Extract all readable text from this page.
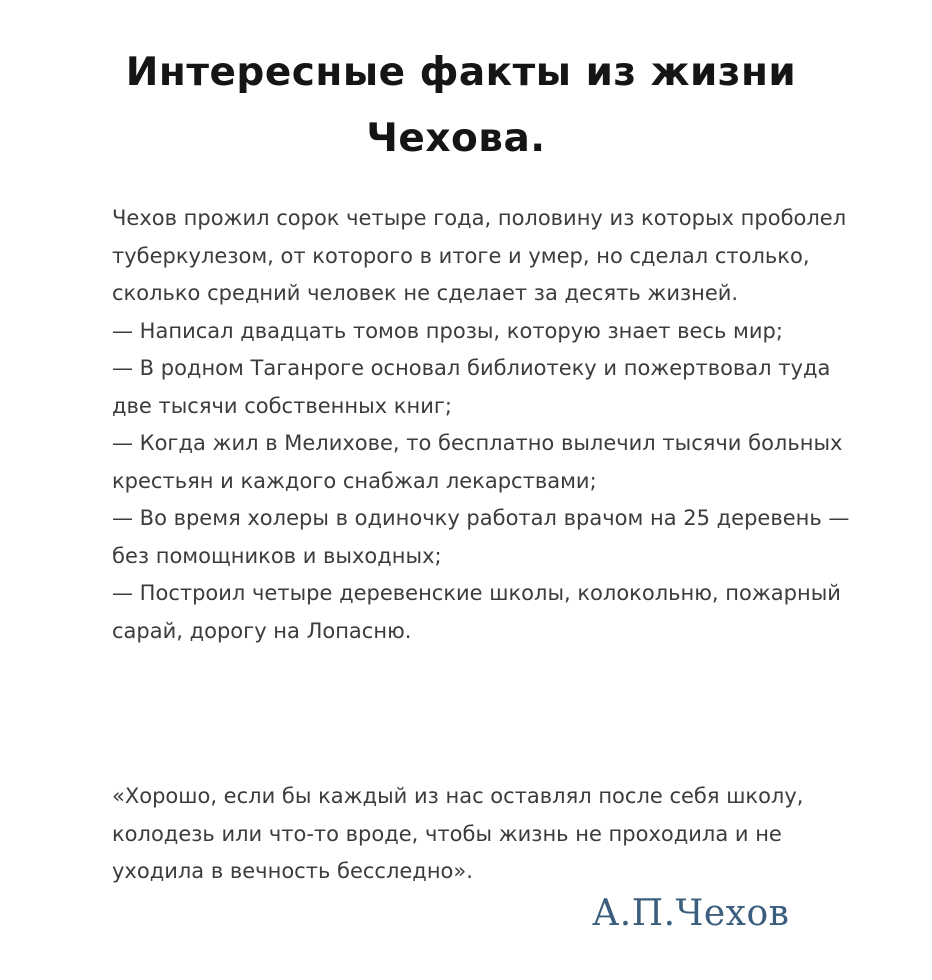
Интересные факты из жизни
Чехова.
Чехов прожил сорок четыре года, половину из которых проболел туберкулезом, от которого в итоге и умер, но сделал столько, сколько средний человек не сделает за десять жизней.
— Написал двадцать томов прозы, которую знает весь мир;
— В родном Таганроге основал библиотеку и пожертвовал туда две тысячи собственных книг;
— Когда жил в Мелихове, то бесплатно вылечил тысячи больных крестьян и каждого снабжал лекарствами;
— Во время холеры в одиночку работал врачом на 25 деревень — без помощников и выходных;
— Построил четыре деревенские школы, колокольню, пожарный сарай, дорогу на Лопасню.
«Хорошо, если бы каждый из нас оставлял после себя школу, колодезь или что-то вроде, чтобы жизнь не проходила и не уходила в вечность бесследно».
А.П.Чехов
